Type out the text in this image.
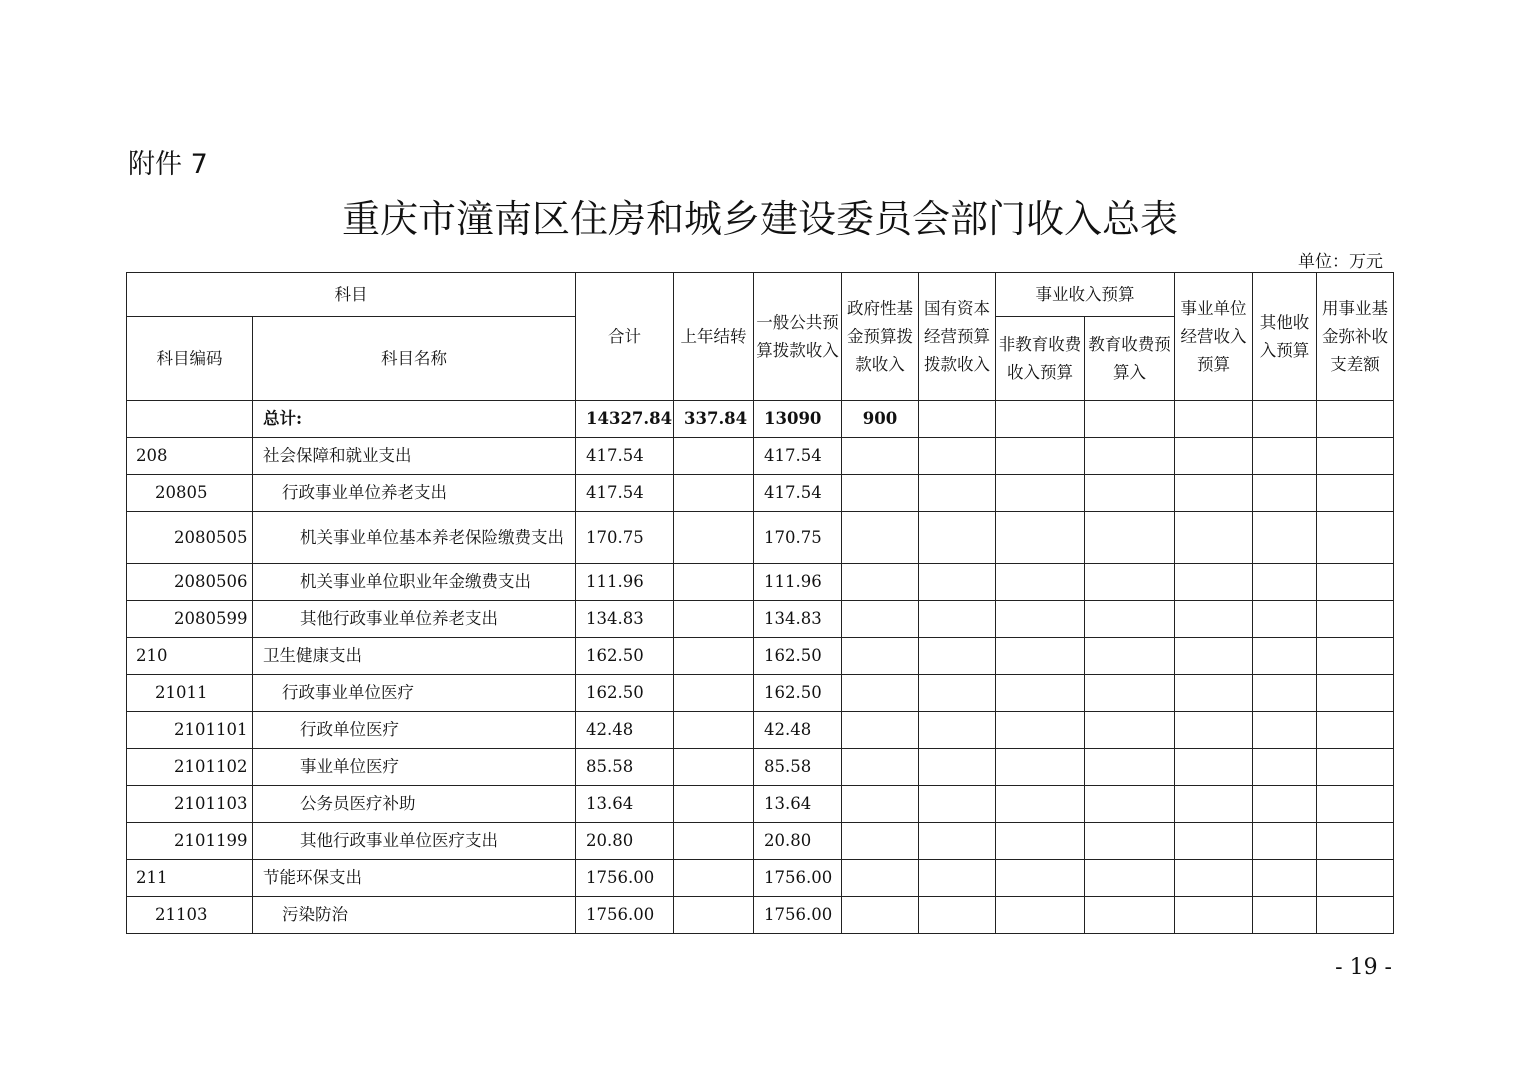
附件 7
重庆市潼南区住房和城乡建设委员会部门收入总表
单位：万元
科目		合计	上年结转	一般公共预算拨款收入	政府性基金预算拨款收入	国有资本经营预算拨款收入	事业收入预算		事业单位经营收入预算	其他收入预算	用事业基金弥补收支差额
科目编码	科目名称						非教育收费收入预算	教育收费预算入			
	总计:	14327.84	337.84	13090	900						
208	社会保障和就业支出	417.54		417.54							
20805	行政事业单位养老支出	417.54		417.54							
2080505	机关事业单位基本养老保险缴费支出	170.75		170.75							
2080506	机关事业单位职业年金缴费支出	111.96		111.96							
2080599	其他行政事业单位养老支出	134.83		134.83							
210	卫生健康支出	162.50		162.50							
21011	行政事业单位医疗	162.50		162.50							
2101101	行政单位医疗	42.48		42.48							
2101102	事业单位医疗	85.58		85.58							
2101103	公务员医疗补助	13.64		13.64							
2101199	其他行政事业单位医疗支出	20.80		20.80							
211	节能环保支出	1756.00		1756.00							
21103	污染防治	1756.00		1756.00							
- 19 -
